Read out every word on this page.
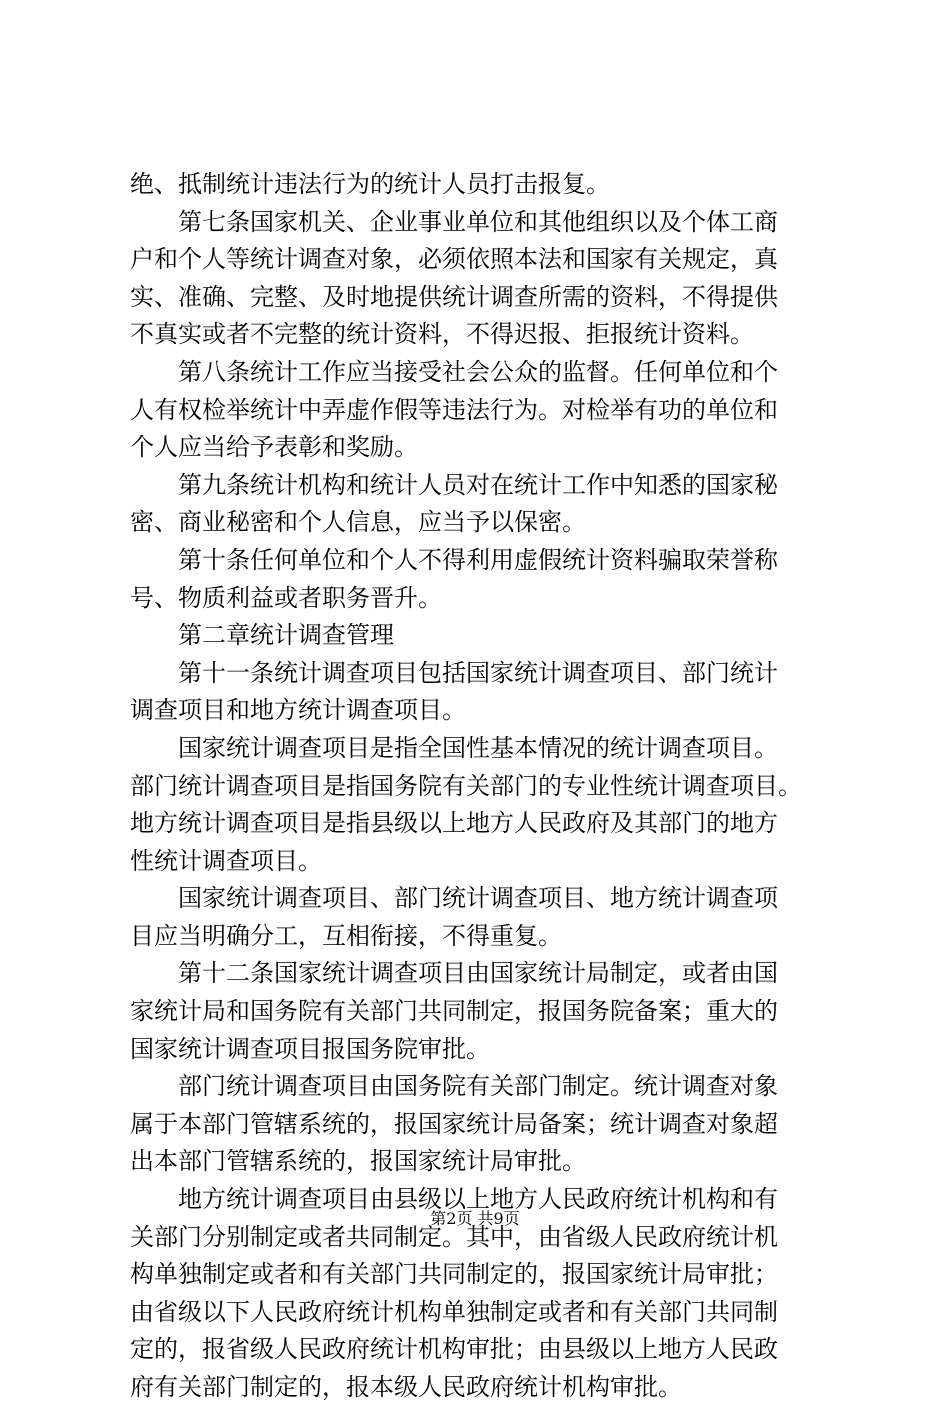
绝、抵制统计违法行为的统计人员打击报复。
第七条国家机关、企业事业单位和其他组织以及个体工商
户和个人等统计调查对象，必须依照本法和国家有关规定，真
实、准确、完整、及时地提供统计调查所需的资料，不得提供
不真实或者不完整的统计资料，不得迟报、拒报统计资料。
第八条统计工作应当接受社会公众的监督。任何单位和个
人有权检举统计中弄虚作假等违法行为。对检举有功的单位和
个人应当给予表彰和奖励。
第九条统计机构和统计人员对在统计工作中知悉的国家秘
密、商业秘密和个人信息，应当予以保密。
第十条任何单位和个人不得利用虚假统计资料骗取荣誉称
号、物质利益或者职务晋升。
第二章统计调查管理
第十一条统计调查项目包括国家统计调查项目、部门统计
调查项目和地方统计调查项目。
国家统计调查项目是指全国性基本情况的统计调查项目。
部门统计调查项目是指国务院有关部门的专业性统计调查项目。
地方统计调查项目是指县级以上地方人民政府及其部门的地方
性统计调查项目。
国家统计调查项目、部门统计调查项目、地方统计调查项
目应当明确分工，互相衔接，不得重复。
第十二条国家统计调查项目由国家统计局制定，或者由国
家统计局和国务院有关部门共同制定，报国务院备案；重大的
国家统计调查项目报国务院审批。
部门统计调查项目由国务院有关部门制定。统计调查对象
属于本部门管辖系统的，报国家统计局备案；统计调查对象超
出本部门管辖系统的，报国家统计局审批。
地方统计调查项目由县级以上地方人民政府统计机构和有
关部门分别制定或者共同制定。其中，由省级人民政府统计机
构单独制定或者和有关部门共同制定的，报国家统计局审批；
由省级以下人民政府统计机构单独制定或者和有关部门共同制
定的，报省级人民政府统计机构审批；由县级以上地方人民政
府有关部门制定的，报本级人民政府统计机构审批。
第2页 共9页
